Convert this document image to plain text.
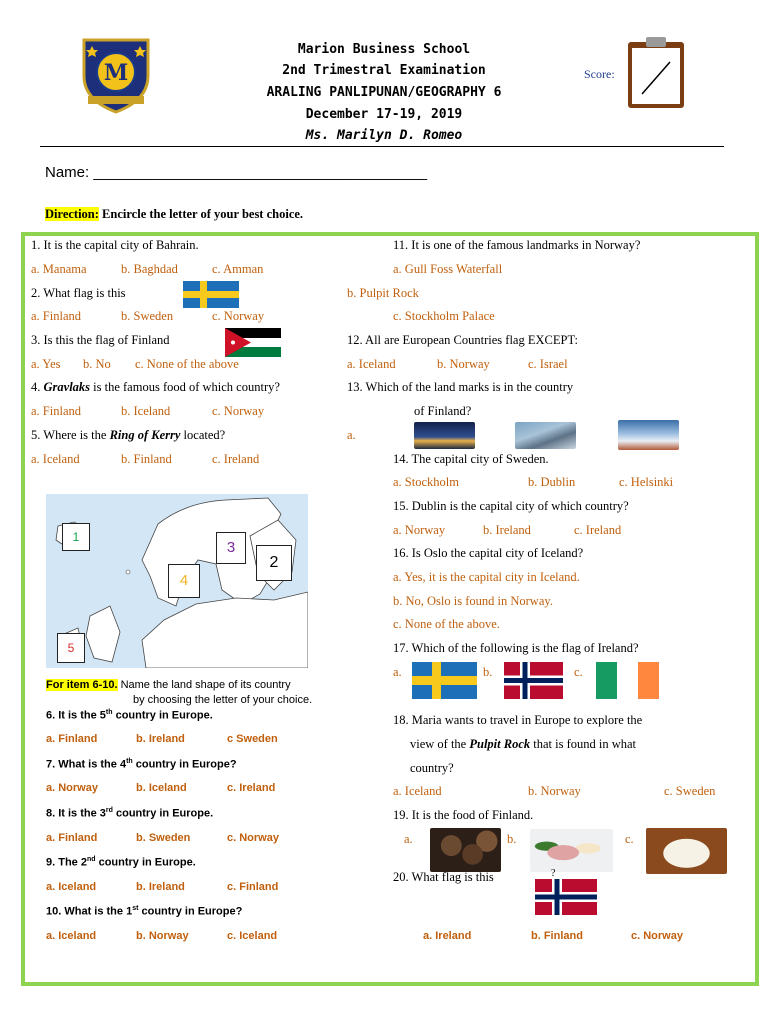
M
Marion Business School
2nd Trimestral Examination
ARALING PANLIPUNAN/GEOGRAPHY 6
December 17-19, 2019
Ms. Marilyn D. Romeo
Score:
Name: ________________________________________
Direction: Encircle the letter of your best choice.
1. It is the capital city of Bahrain.
a. Manama	b. Baghdad	c. Amman
2. What flag is this
a. Finland	b. Sweden	c. Norway
3. Is this the flag of Finland
a. Yes b. No c. None of the above
4. Gravlaks is the famous food of which country?
a. Finland	b. Iceland	c. Norway
5. Where is the Ring of Kerry located?
a. Iceland	b. Finland	c. Ireland
1
2
3
4
5
For item 6-10. Name the land shape of its country
by choosing the letter of your choice.
6. It is the 5th country in Europe.
a. Finland	b. Ireland	c Sweden
7. What is the 4th country in Europe?
a. Norway	b. Iceland	c. Ireland
8. It is the 3rd country in Europe.
a. Finland	b. Sweden	c. Norway
9. The 2nd country in Europe.
a. Iceland	b. Ireland	c. Finland
10. What is the 1st country in Europe?
a. Iceland	b. Norway	c. Iceland
11. It is one of the famous landmarks in Norway?
a. Gull Foss Waterfall
b. Pulpit Rock
c. Stockholm Palace
12. All are European Countries flag EXCEPT:
a. Iceland	b. Norway	c. Israel
13. Which of the land marks is in the country
of Finland?
a.
14. The capital city of Sweden.
a. Stockholm	b. Dublin	c. Helsinki
15. Dublin is the capital city of which country?
a. Norway	b. Ireland	c. Ireland
16. Is Oslo the capital city of Iceland?
a. Yes, it is the capital city in Iceland.
b. No, Oslo is found in Norway.
c. None of the above.
17. Which of the following is the flag of Ireland?
a.	b.	c.
18. Maria wants to travel in Europe to explore the
view of the Pulpit Rock that is found in what
country?
a. Iceland	b. Norway	c. Sweden
19. It is the food of Finland.
a.	b.	c.
20. What flag is this	?
a. Ireland	b. Finland	c. Norway
